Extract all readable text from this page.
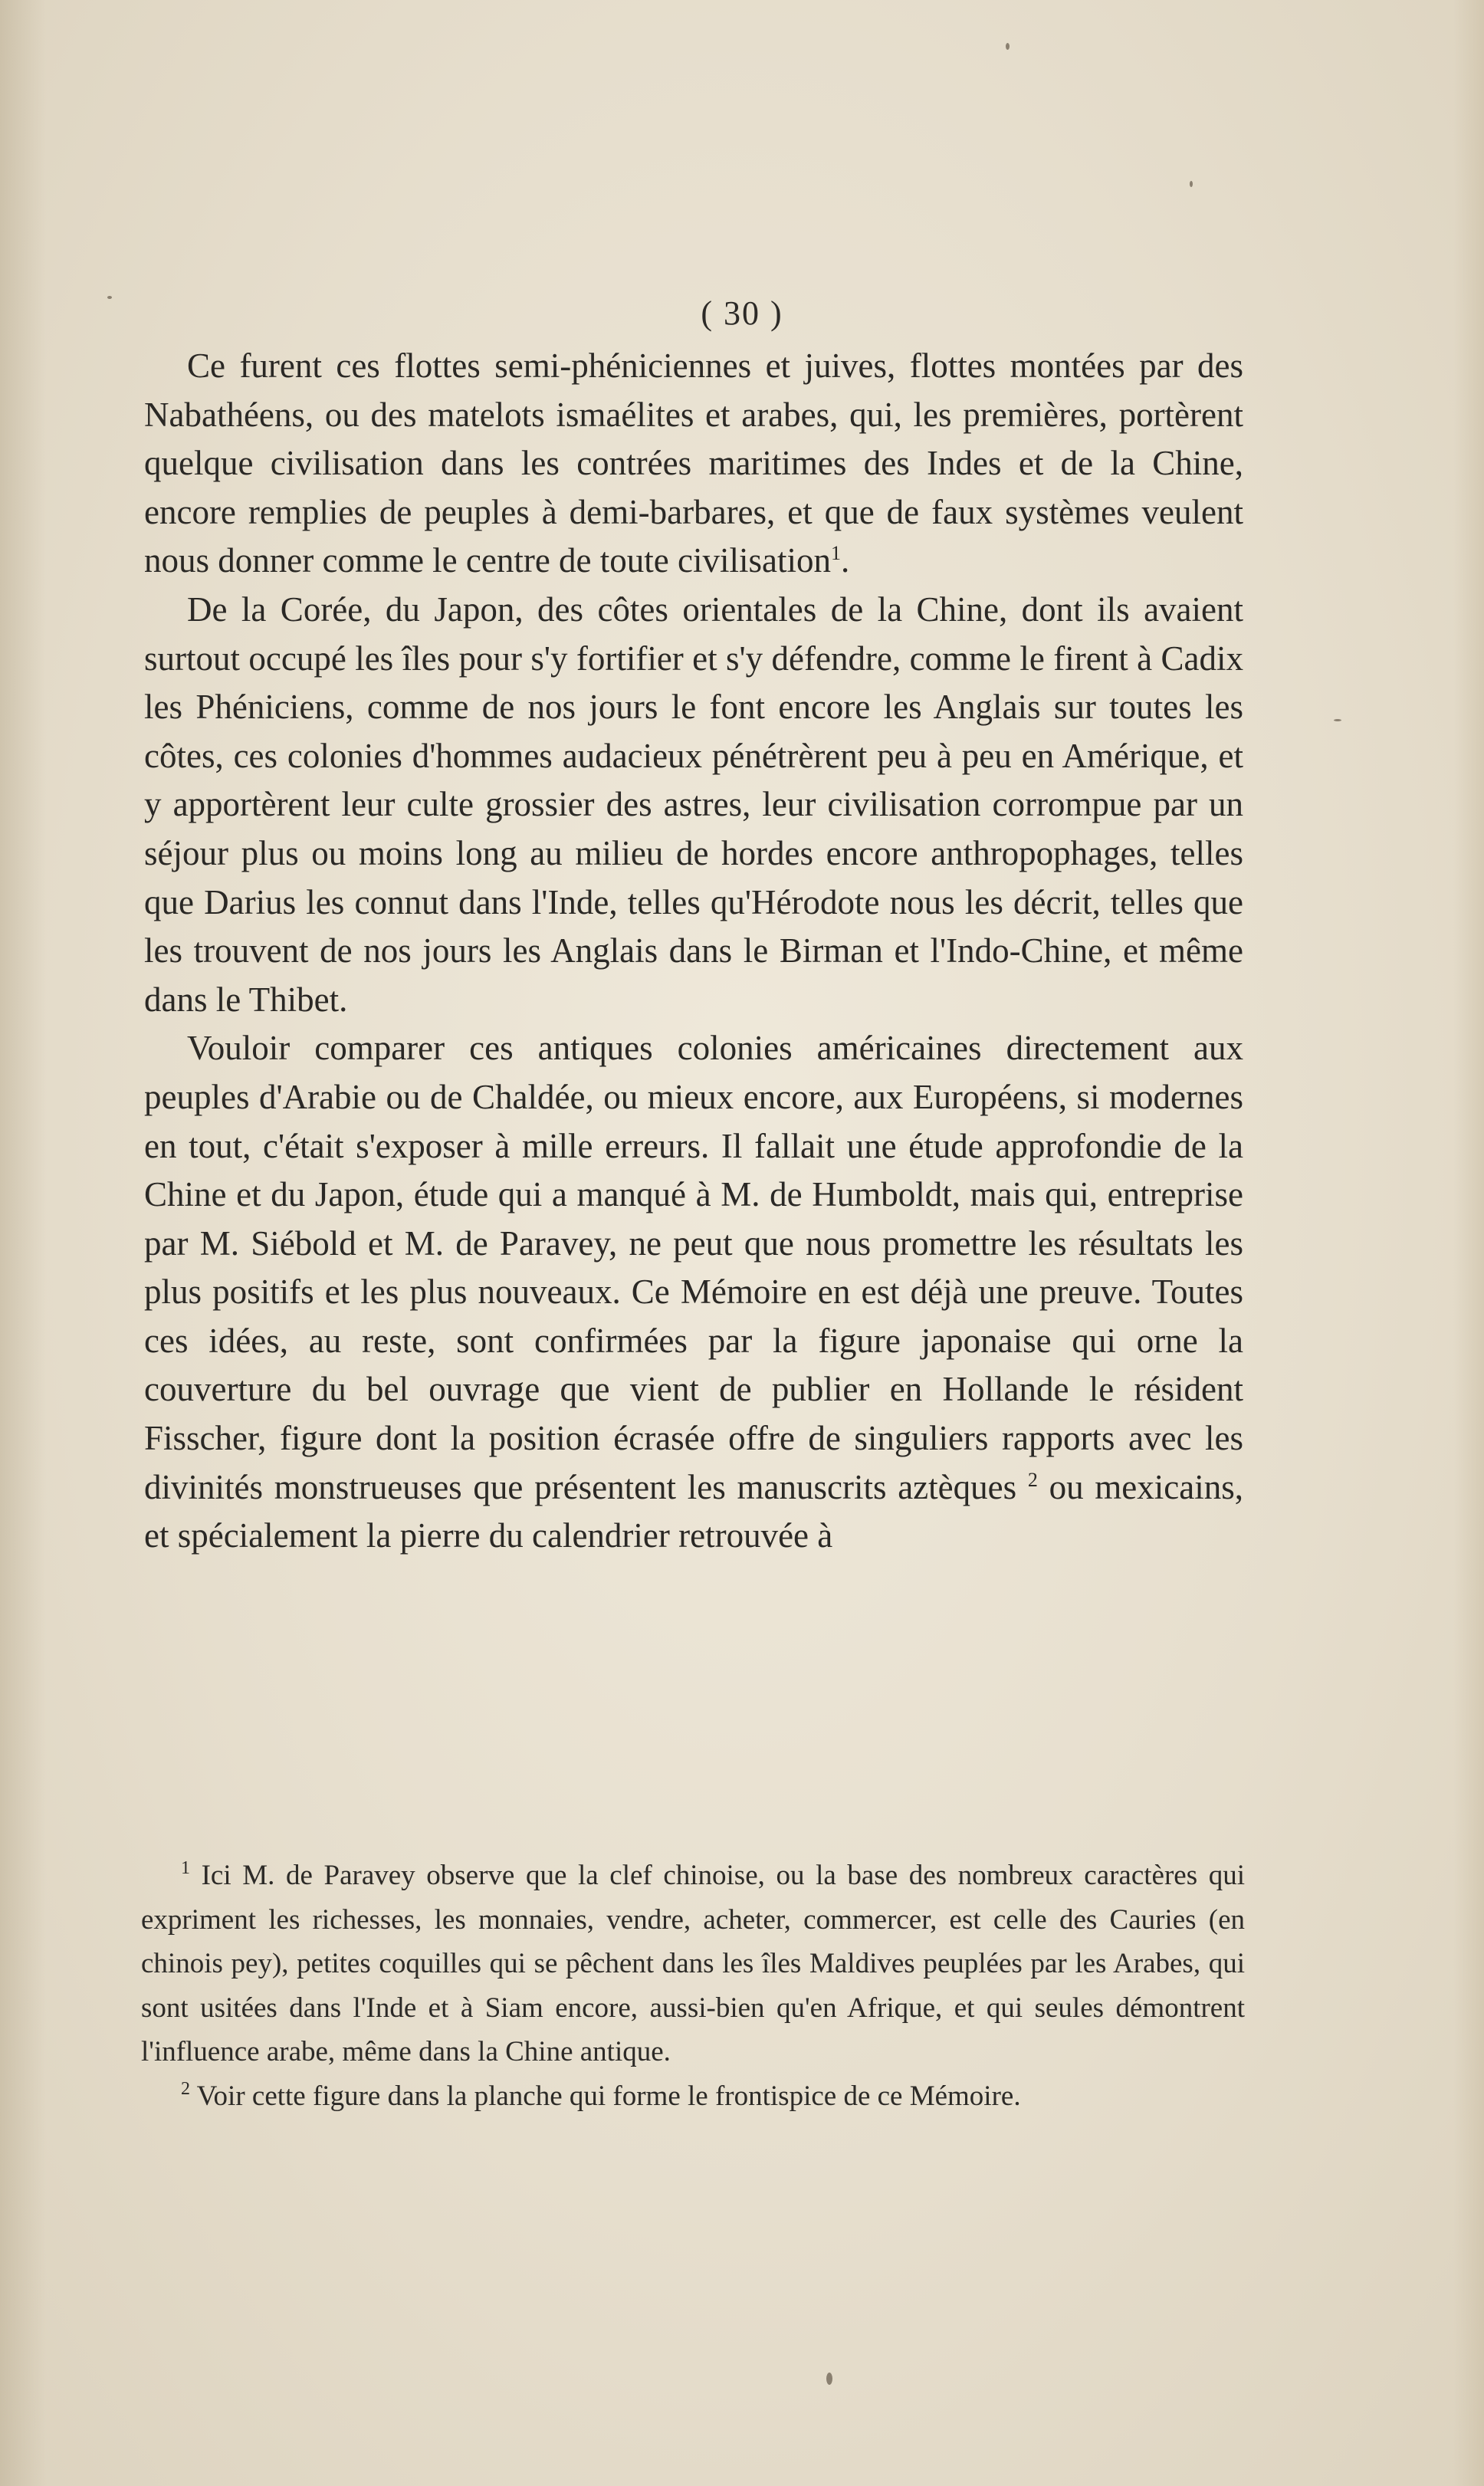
( 30 )

Ce furent ces flottes semi-phéniciennes et juives, flottes montées par des Nabathéens, ou des matelots ismaélites et arabes, qui, les premières, portèrent quelque civilisation dans les contrées maritimes des Indes et de la Chine, encore remplies de peuples à demi-barbares, et que de faux systèmes veulent nous donner comme le centre de toute civilisation$^1$.

De la Corée, du Japon, des côtes orientales de la Chine, dont ils avaient surtout occupé les îles pour s'y fortifier et s'y défendre, comme le firent à Cadix les Phéniciens, comme de nos jours le font encore les Anglais sur toutes les côtes, ces colonies d'hommes audacieux pénétrèrent peu à peu en Amérique, et y apportèrent leur culte grossier des astres, leur civilisation corrompue par un séjour plus ou moins long au milieu de hordes encore anthropophages, telles que Darius les connut dans l'Inde, telles qu'Hérodote nous les décrit, telles que les trouvent de nos jours les Anglais dans le Birman et l'Indo-Chine, et même dans le Thibet.

Vouloir comparer ces antiques colonies américaines directement aux peuples d'Arabie ou de Chaldée, ou mieux encore, aux Européens, si modernes en tout, c'était s'exposer à mille erreurs. Il fallait une étude approfondie de la Chine et du Japon, étude qui a manqué à M. de Humboldt, mais qui, entreprise par M. Siébold et M. de Paravey, ne peut que nous promettre les résultats les plus positifs et les plus nouveaux. Ce Mémoire en est déjà une preuve. Toutes ces idées, au reste, sont confirmées par la figure japonaise qui orne la couverture du bel ouvrage que vient de publier en Hollande le résident Fisscher, figure dont la position écrasée offre de singuliers rapports avec les divinités monstrueuses que présentent les manuscrits aztèques $^2$ ou mexicains, et spécialement la pierre du calendrier retrouvée à

$^1$ Ici M. de Paravey observe que la clef chinoise, ou la base des nombreux caractères qui expriment les richesses, les monnaies, vendre, acheter, commercer, est celle des Cauries (en chinois pey), petites coquilles qui se pêchent dans les îles Maldives peuplées par les Arabes, qui sont usitées dans l'Inde et à Siam encore, aussi-bien qu'en Afrique, et qui seules démontrent l'influence arabe, même dans la Chine antique.

$^2$ Voir cette figure dans la planche qui forme le frontispice de ce Mémoire.
